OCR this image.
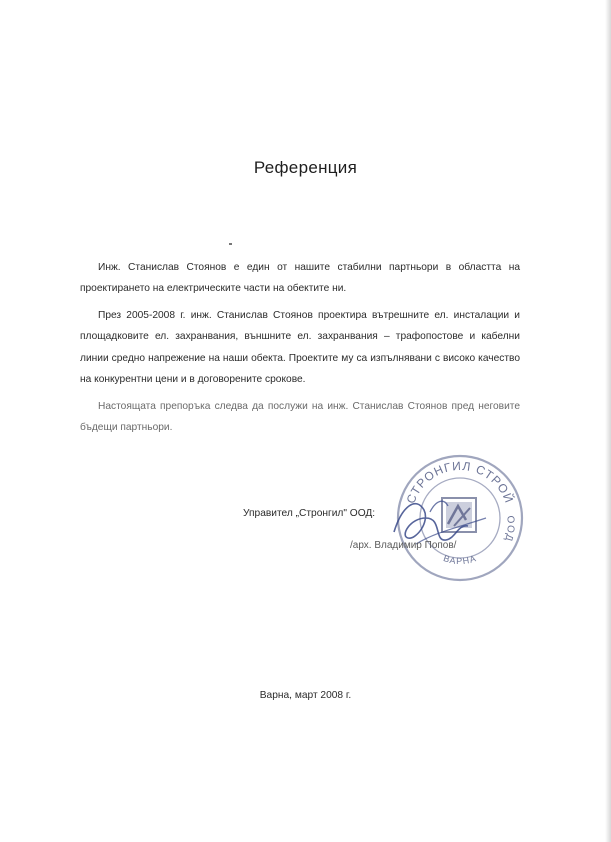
Референция
Инж. Станислав Стоянов е един от нашите стабилни партньори в областта на проектирането на електрическите части на обектите ни.
През 2005-2008 г. инж. Станислав Стоянов проектира вътрешните ел. инсталации и площадковите ел. захранвания, външните ел. захранвания – трафопостове и кабелни линии средно напрежение на наши обекта. Проектите му са изпълнявани с високо качество на конкурентни цени и в договорените срокове.
Настоящата препоръка следва да послужи на инж. Станислав Стоянов пред неговите бъдещи партньори.
Управител „Стронгил" ООД:
СТРОНГИЛ СТРОЙ
ООД
ВАРНА
/арх. Владимир Попов/
Варна, март 2008 г.
